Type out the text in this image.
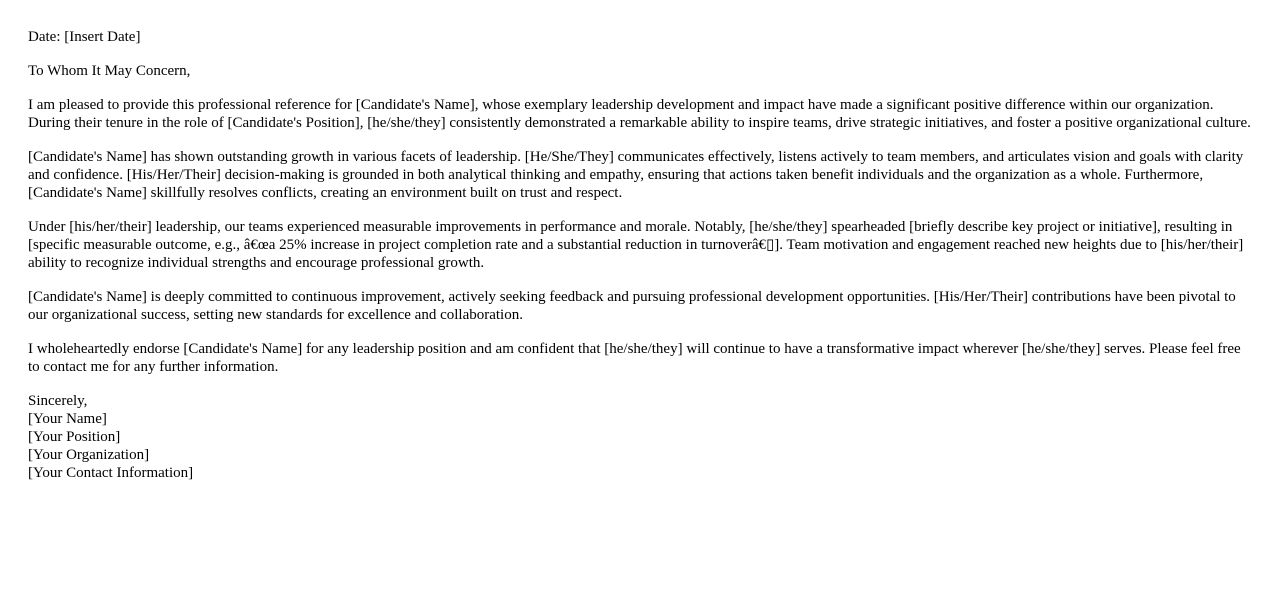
Date: [Insert Date]

To Whom It May Concern,

I am pleased to provide this professional reference for [Candidate's Name], whose exemplary leadership development and impact have made a significant positive difference within our organization. During their tenure in the role of [Candidate's Position], [he/she/they] consistently demonstrated a remarkable ability to inspire teams, drive strategic initiatives, and foster a positive organizational culture.

[Candidate's Name] has shown outstanding growth in various facets of leadership. [He/She/They] communicates effectively, listens actively to team members, and articulates vision and goals with clarity and confidence. [His/Her/Their] decision-making is grounded in both analytical thinking and empathy, ensuring that actions taken benefit individuals and the organization as a whole. Furthermore, [Candidate's Name] skillfully resolves conflicts, creating an environment built on trust and respect.

Under [his/her/their] leadership, our teams experienced measurable improvements in performance and morale. Notably, [he/she/they] spearheaded [briefly describe key project or initiative], resulting in [specific measurable outcome, e.g., â€œa 25% increase in project completion rate and a substantial reduction in turnoverâ€▯]. Team motivation and engagement reached new heights due to [his/her/their] ability to recognize individual strengths and encourage professional growth.

[Candidate's Name] is deeply committed to continuous improvement, actively seeking feedback and pursuing professional development opportunities. [His/Her/Their] contributions have been pivotal to our organizational success, setting new standards for excellence and collaboration.

I wholeheartedly endorse [Candidate's Name] for any leadership position and am confident that [he/she/they] will continue to have a transformative impact wherever [he/she/they] serves. Please feel free to contact me for any further information.

Sincerely,
[Your Name]
[Your Position]
[Your Organization]
[Your Contact Information]
